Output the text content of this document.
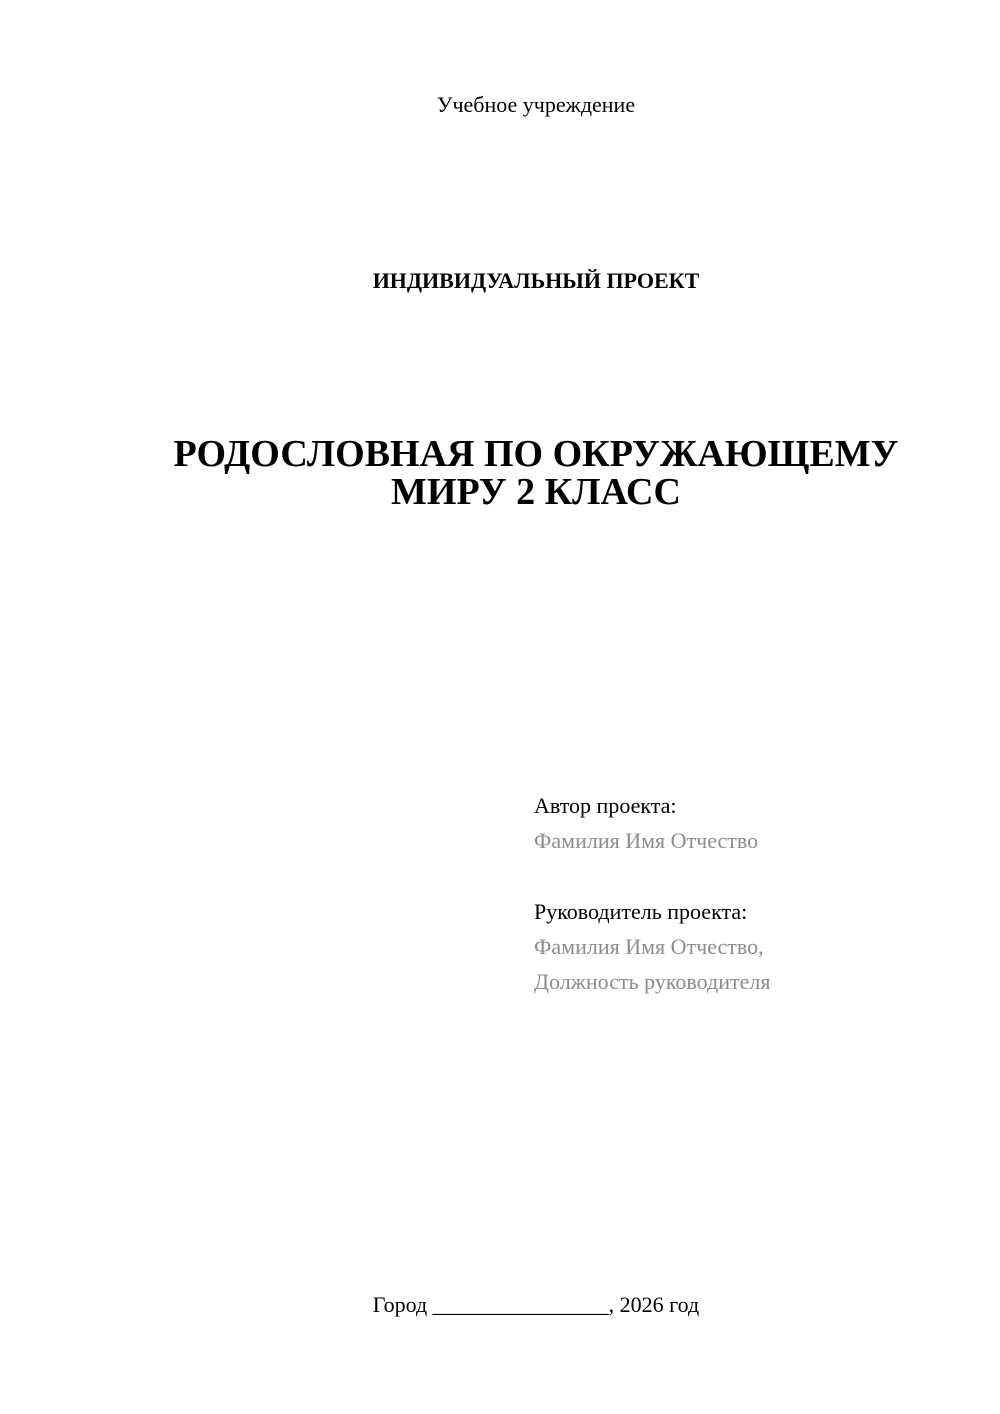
Учебное учреждение
ИНДИВИДУАЛЬНЫЙ ПРОЕКТ
РОДОСЛОВНАЯ ПО ОКРУЖАЮЩЕМУ
МИРУ 2 КЛАСС
Автор проекта:
Фамилия Имя Отчество
Руководитель проекта:
Фамилия Имя Отчество,
Должность руководителя
Город ________________, 2026 год
